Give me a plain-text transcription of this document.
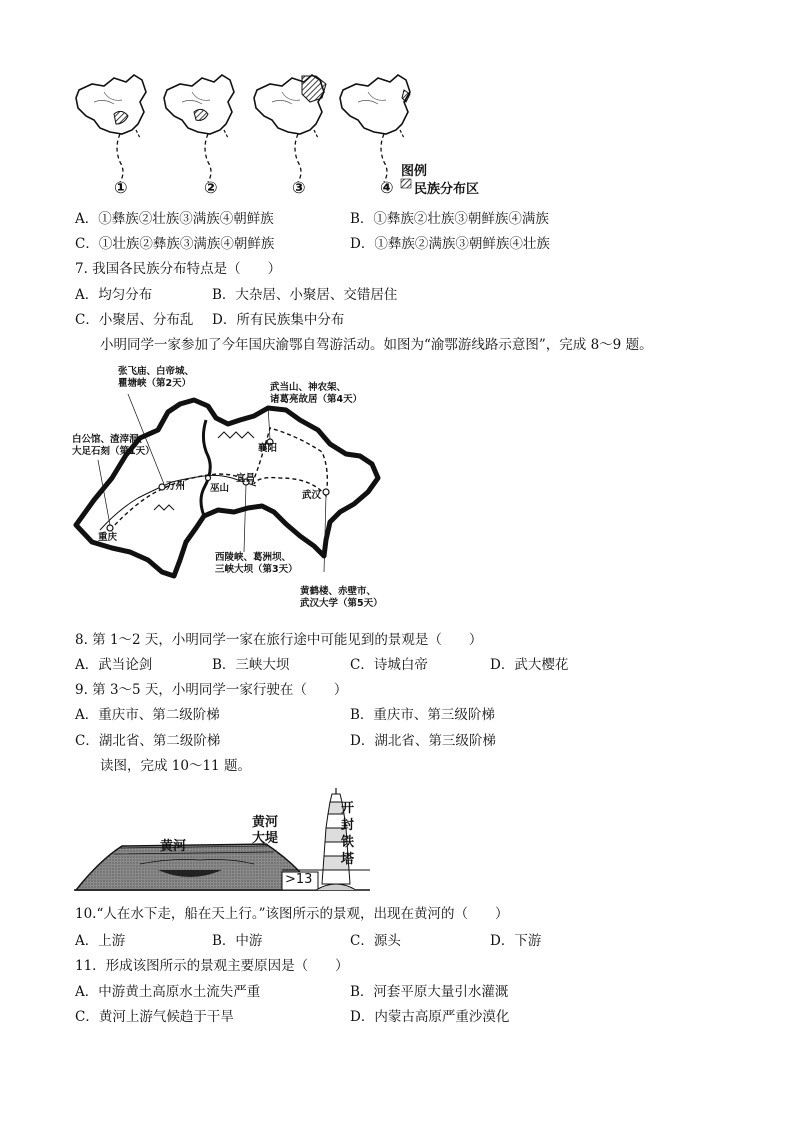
①	②	③	④
图例
民族分布区
A．①彝族②壮族③满族④朝鲜族	B．①彝族②壮族③朝鲜族④满族
C．①壮族②彝族③满族④朝鲜族	D．①彝族②满族③朝鲜族④壮族
7. 我国各民族分布特点是（　　）
A．均匀分布	B．大杂居、小聚居、交错居住
C．小聚居、分布乱 D．所有民族集中分布
小明同学一家参加了今年国庆渝鄂自驾游活动。如图为“渝鄂游线路示意图”，完成 8～9 题。
张飞庙、白帝城、
瞿塘峡（第2天）
白公馆、渣滓洞、
大足石刻（第1天）
武当山、神农架、
诸葛亮故居（第4天）
西陵峡、葛洲坝、
三峡大坝（第3天）
黄鹤楼、赤壁市、
武汉大学（第5天）
万州	巫山
宜昌
襄阳
武汉
重庆
8. 第 1～2 天，小明同学一家在旅行途中可能见到的景观是（　　）
A．武当论剑	B．三峡大坝	C．诗城白帝	D．武大樱花
9. 第 3～5 天，小明同学一家行驶在（　　）
A．重庆市、第二级阶梯	B．重庆市、第三级阶梯
C．湖北省、第二级阶梯	D．湖北省、第三级阶梯
读图，完成 10～11 题。
黄河
黄河
大堤
>13
开
封
铁
塔
10.“人在水下走，船在天上行。”该图所示的景观，出现在黄河的（　　）
A．上游	B．中游	C．源头	D．下游
11．形成该图所示的景观主要原因是（　　）
A．中游黄土高原水土流失严重	B．河套平原大量引水灌溉
C．黄河上游气候趋于干旱	D．内蒙古高原严重沙漠化
